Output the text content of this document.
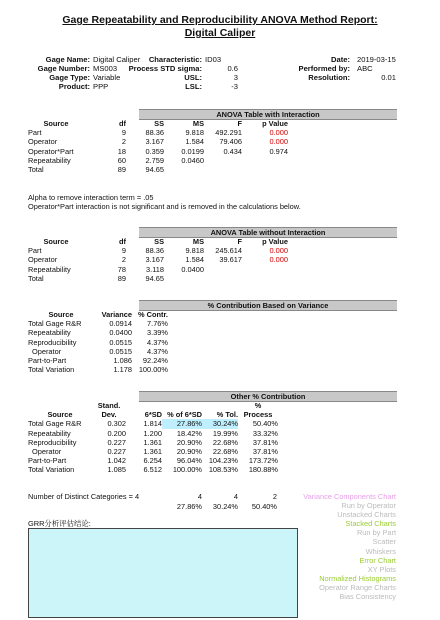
Gage Repeatability and Reproducibility ANOVA Method Report:
Digital Caliper
Gage Name: Digital Caliper
Gage Number: MS003
Gage Type: Variable
Product: PPP
Characteristic: ID03
Process STD sigma:	0.6
USL:	3
LSL:	-3
Date: 2019-03-15
Performed by: ABC
Resolution:	0.01
ANOVA Table with Interaction
Source	df	SS	MS	F	p Value
Part	9	88.36	9.818	492.291	0.000
Operator	2	3.167	1.584	79.406	0.000
Operator*Part	18	0.359	0.0199	0.434	0.974
Repeatability	60	2.759	0.0460		
Total	89	94.65			
Alpha to remove interaction term = .05
Operator*Part interaction is not significant and is removed in the calculations below.
ANOVA Table without Interaction
Source	df	SS	MS	F	p Value
Part	9	88.36	9.818	245.614	0.000
Operator	2	3.167	1.584	39.617	0.000
Repeatability	78	3.118	0.0400		
Total	89	94.65			
% Contribution Based on Variance
Source	Variance	% Contr.
Total Gage R&R	0.0914	7.76%
Repeatability	0.0400	3.39%
Reproducibility	0.0515	4.37%
Operator	0.0515	4.37%
Part-to-Part	1.086	92.24%
Total Variation	1.178	100.00%
Other % Contribution
	Stand.				%
Source	Dev.	6*SD	% of 6*SD	% Tol.	Process
Total Gage R&R	0.302	1.814	27.86%	30.24%	50.40%
Repeatability	0.200	1.200	18.42%	19.99%	33.32%
Reproducibility	0.227	1.361	20.90%	22.68%	37.81%
Operator	0.227	1.361	20.90%	22.68%	37.81%
Part-to-Part	1.042	6.254	96.04%	104.23%	173.72%
Total Variation	1.085	6.512	100.00%	108.53%	180.88%
Number of Distinct Categories = 4	4	4	2
27.86% 30.24% 50.40%
GRR分析评估结论:
Variance Components Chart
Run by Operator
Unstacked Charts
Stacked Charts
Run by Part
Scatter
Whiskers
Error Chart
XY Plots
Normalized Histograms
Operator Range Charts
Bias Consistency
